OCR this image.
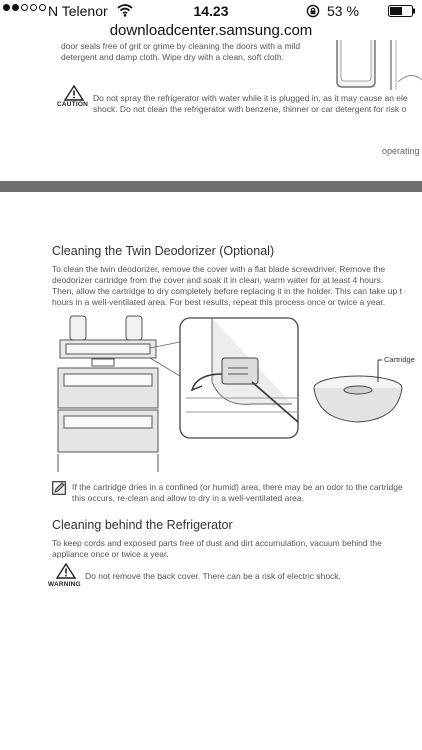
N Telenor	14.23	53 %
downloadcenter.samsung.com
door seals free of grit or grime by cleaning the doors with a mild
detergent and damp cloth. Wipe dry with a clean, soft cloth.
CAUTION
Do not spray the refrigerator with water while it is plugged in, as it may cause an ele
shock. Do not clean the refrigerator with benzene, thinner or car detergent for risk o
operating
Cleaning the Twin Deodorizer (Optional)
To clean the twin deodorizer, remove the cover with a flat blade screwdriver. Remove the
deodorizer cartridge from the cover and soak it in clean, warm water for at least 4 hours.
Then, allow the cartridge to dry completely before replacing it in the holder. This can take up t
hours in a well-ventilated area. For best results, repeat this process once or twice a year.
Cartridge
If the cartridge dries in a confined (or humid) area, there may be an odor to the cartridge
this occurs, re-clean and allow to dry in a well-ventilated area.
Cleaning behind the Refrigerator
To keep cords and exposed parts free of dust and dirt accumulation, vacuum behind the
appliance once or twice a year.
WARNING
Do not remove the back cover. There can be a risk of electric shock.
